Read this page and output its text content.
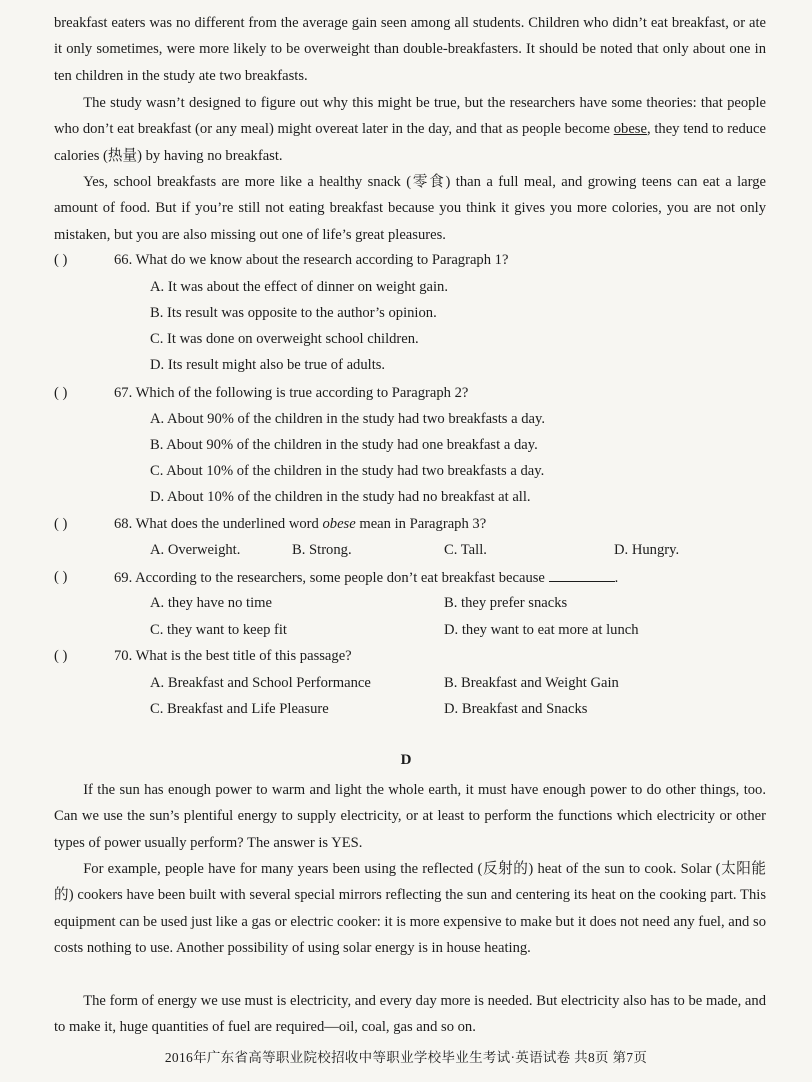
breakfast eaters was no different from the average gain seen among all students. Children who didn’t eat breakfast, or ate it only sometimes, were more likely to be overweight than double-breakfasters. It should be noted that only about one in ten children in the study ate two breakfasts.

The study wasn’t designed to figure out why this might be true, but the researchers have some theories: that people who don’t eat breakfast (or any meal) might overeat later in the day, and that as people become obese, they tend to reduce calories (热量) by having no breakfast.

Yes, school breakfasts are more like a healthy snack (零食) than a full meal, and growing teens can eat a large amount of food. But if you’re still not eating breakfast because you think it gives you more colories, you are not only mistaken, but you are also missing out one of life’s great pleasures.

( )	66. What do we know about the research according to Paragraph 1?
A. It was about the effect of dinner on weight gain.
B. Its result was opposite to the author’s opinion.
C. It was done on overweight school children.
D. Its result might also be true of adults.
( )	67. Which of the following is true according to Paragraph 2?
A. About 90% of the children in the study had two breakfasts a day.
B. About 90% of the children in the study had one breakfast a day.
C. About 10% of the children in the study had two breakfasts a day.
D. About 10% of the children in the study had no breakfast at all.
( )	68. What does the underlined word obese mean in Paragraph 3?
A. Overweight.	B. Strong.	C. Tall.	D. Hungry.
( )	69. According to the researchers, some people don’t eat breakfast because	.
A. they have no time	B. they prefer snacks
C. they want to keep fit	D. they want to eat more at lunch
( )	70. What is the best title of this passage?
A. Breakfast and School Performance	B. Breakfast and Weight Gain
C. Breakfast and Life Pleasure	D. Breakfast and Snacks
D

If the sun has enough power to warm and light the whole earth, it must have enough power to do other things, too. Can we use the sun’s plentiful energy to supply electricity, or at least to perform the functions which electricity or other types of power usually perform? The answer is YES.

For example, people have for many years been using the reflected (反射的) heat of the sun to cook. Solar (太阳能的) cookers have been built with several special mirrors reflecting the sun and centering its heat on the cooking part. This equipment can be used just like a gas or electric cooker: it is more expensive to make but it does not need any fuel, and so costs nothing to use. Another possibility of using solar energy is in house heating.

The form of energy we use must is electricity, and every day more is needed. But electricity also has to be made, and to make it, huge quantities of fuel are required—oil, coal, gas and so on.

2016年广东省高等职业院校招收中等职业学校毕业生考试·英语试卷 共8页 第7页
